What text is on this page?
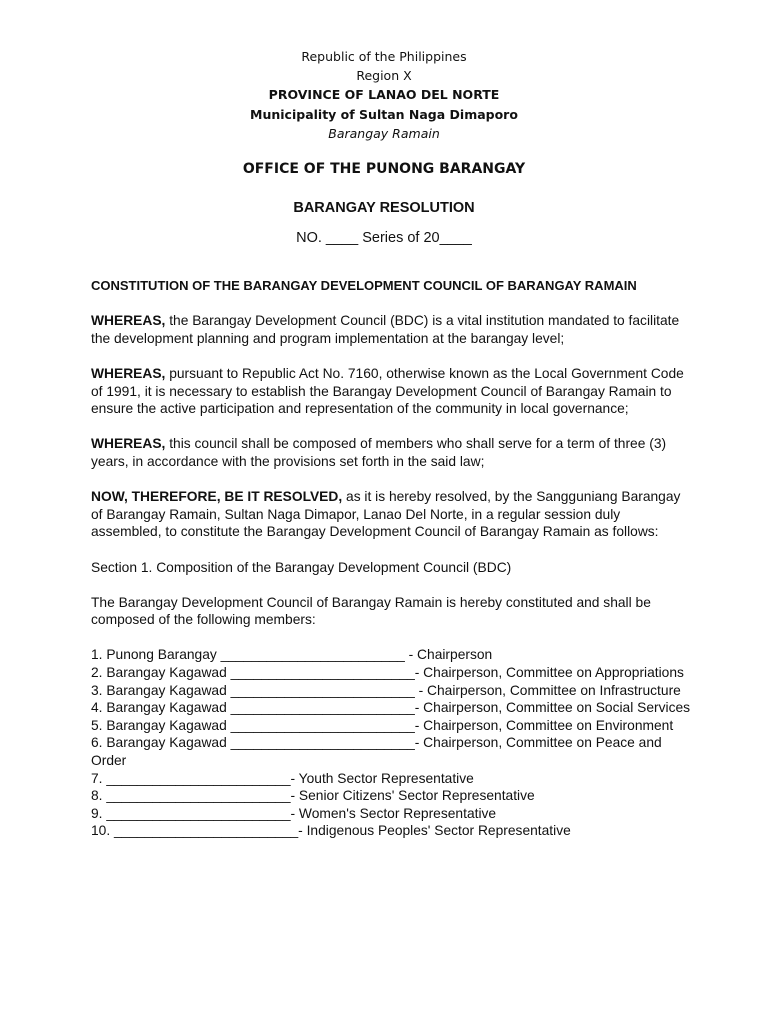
Republic of the Philippines
Region X
PROVINCE OF LANAO DEL NORTE
Municipality of Sultan Naga Dimaporo
Barangay Ramain
OFFICE OF THE PUNONG BARANGAY
BARANGAY RESOLUTION
NO. ____ Series of 20____

CONSTITUTION OF THE BARANGAY DEVELOPMENT COUNCIL OF BARANGAY RAMAIN

WHEREAS, the Barangay Development Council (BDC) is a vital institution mandated to facilitate the development planning and program implementation at the barangay level;

WHEREAS, pursuant to Republic Act No. 7160, otherwise known as the Local Government Code of 1991, it is necessary to establish the Barangay Development Council of Barangay Ramain to ensure the active participation and representation of the community in local governance;

WHEREAS, this council shall be composed of members who shall serve for a term of three (3) years, in accordance with the provisions set forth in the said law;

NOW, THEREFORE, BE IT RESOLVED, as it is hereby resolved, by the Sangguniang Barangay of Barangay Ramain, Sultan Naga Dimapor, Lanao Del Norte, in a regular session duly assembled, to constitute the Barangay Development Council of Barangay Ramain as follows:

Section 1. Composition of the Barangay Development Council (BDC)

The Barangay Development Council of Barangay Ramain is hereby constituted and shall be composed of the following members:

1. Punong Barangay ________________________ - Chairperson
2. Barangay Kagawad ________________________- Chairperson, Committee on Appropriations
3. Barangay Kagawad ________________________ - Chairperson, Committee on Infrastructure
4. Barangay Kagawad ________________________- Chairperson, Committee on Social Services
5. Barangay Kagawad ________________________- Chairperson, Committee on Environment
6. Barangay Kagawad ________________________- Chairperson, Committee on Peace and Order
7. ________________________- Youth Sector Representative
8. ________________________- Senior Citizens' Sector Representative
9. ________________________- Women's Sector Representative
10. ________________________- Indigenous Peoples' Sector Representative
